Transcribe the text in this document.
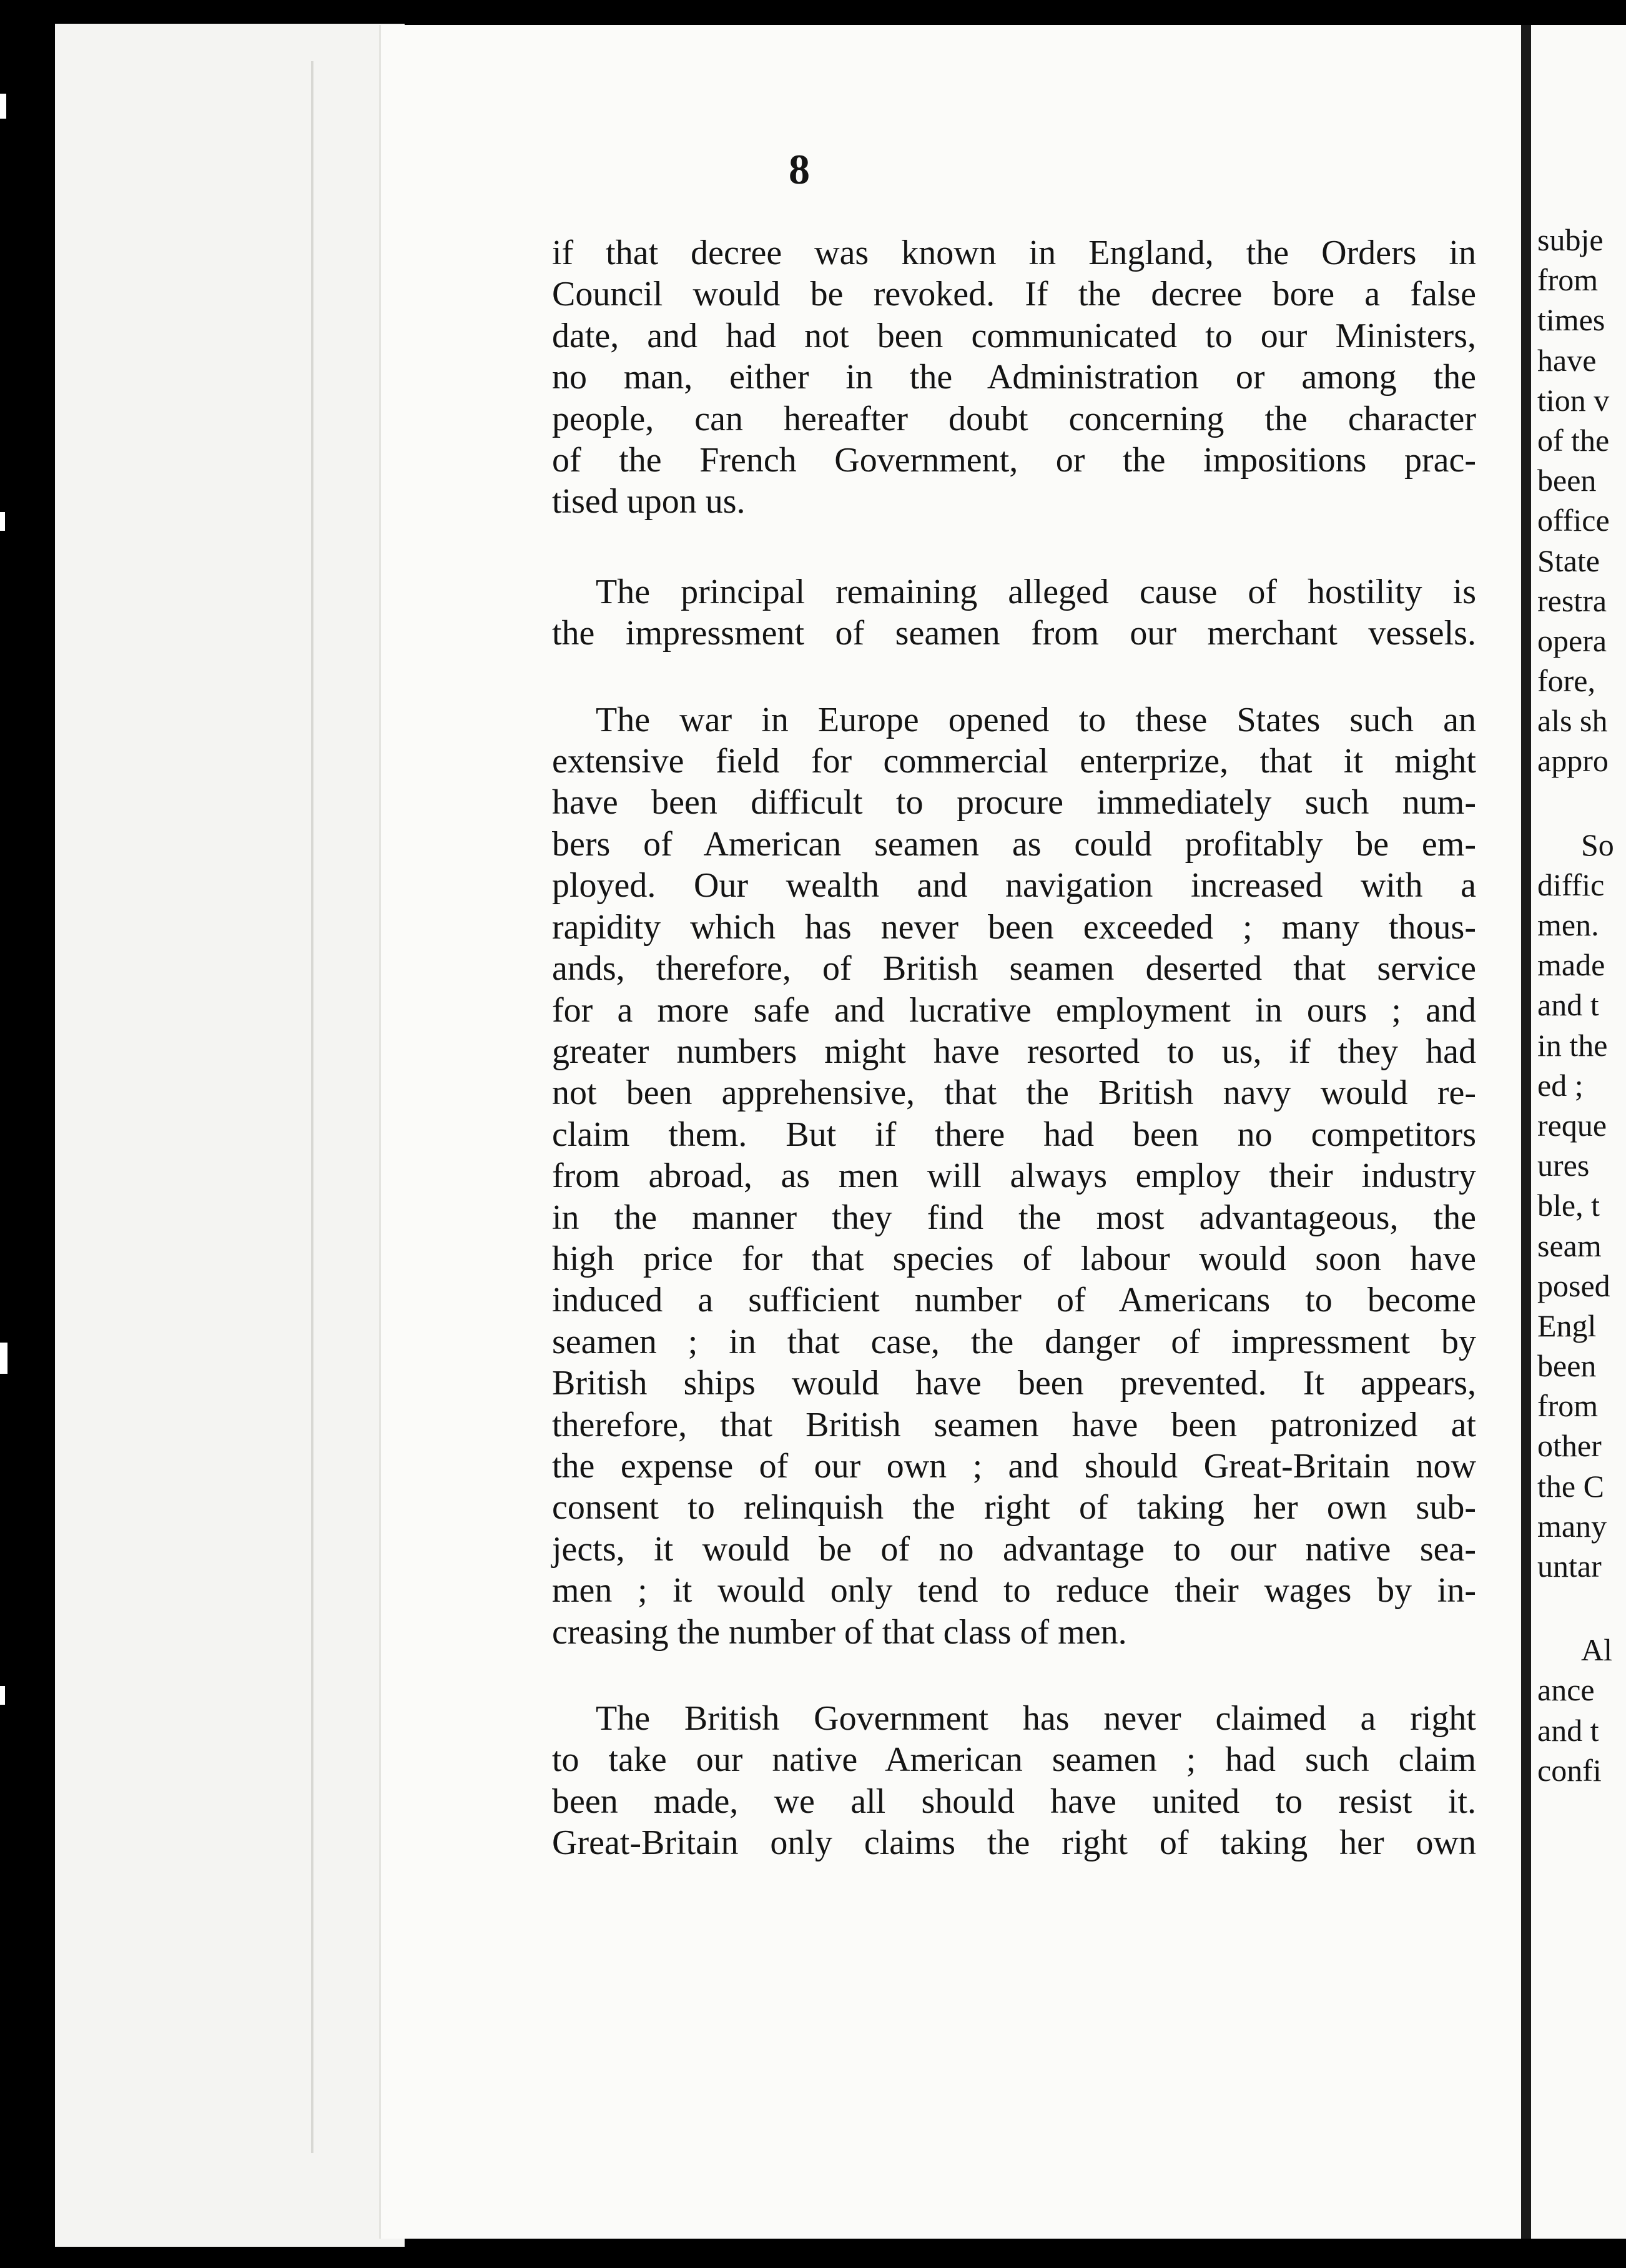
8

if that decree was known in England, the Orders in
Council would be revoked. If the decree bore a false
date, and had not been communicated to our Ministers,
no man, either in the Administration or among the
people, can hereafter doubt concerning the character
of the French Government, or the impositions prac-
tised upon us.

The principal remaining alleged cause of hostility is
the impressment of seamen from our merchant vessels.

The war in Europe opened to these States such an
extensive field for commercial enterprize, that it might
have been difficult to procure immediately such num-
bers of American seamen as could profitably be em-
ployed. Our wealth and navigation increased with a
rapidity which has never been exceeded ; many thous-
ands, therefore, of British seamen deserted that service
for a more safe and lucrative employment in ours ; and
greater numbers might have resorted to us, if they had
not been apprehensive, that the British navy would re-
claim them. But if there had been no competitors
from abroad, as men will always employ their industry
in the manner they find the most advantageous, the
high price for that species of labour would soon have
induced a sufficient number of Americans to become
seamen ; in that case, the danger of impressment by
British ships would have been prevented. It appears,
therefore, that British seamen have been patronized at
the expense of our own ; and should Great-Britain now
consent to relinquish the right of taking her own sub-
jects, it would be of no advantage to our native sea-
men ; it would only tend to reduce their wages by in-
creasing the number of that class of men.

The British Government has never claimed a right
to take our native American seamen ; had such claim
been made, we all should have united to resist it.
Great-Britain only claims the right of taking her own

subje
from
times
have
tion v
of the
been
office
State
restra
opera
fore,
als sh
appro
So
diffic
men.
made
and t
in the
ed ;
reque
ures
ble, t
seam
posed
Engl
been
from
other
the C
many
untar
Al
ance
and t
confi
